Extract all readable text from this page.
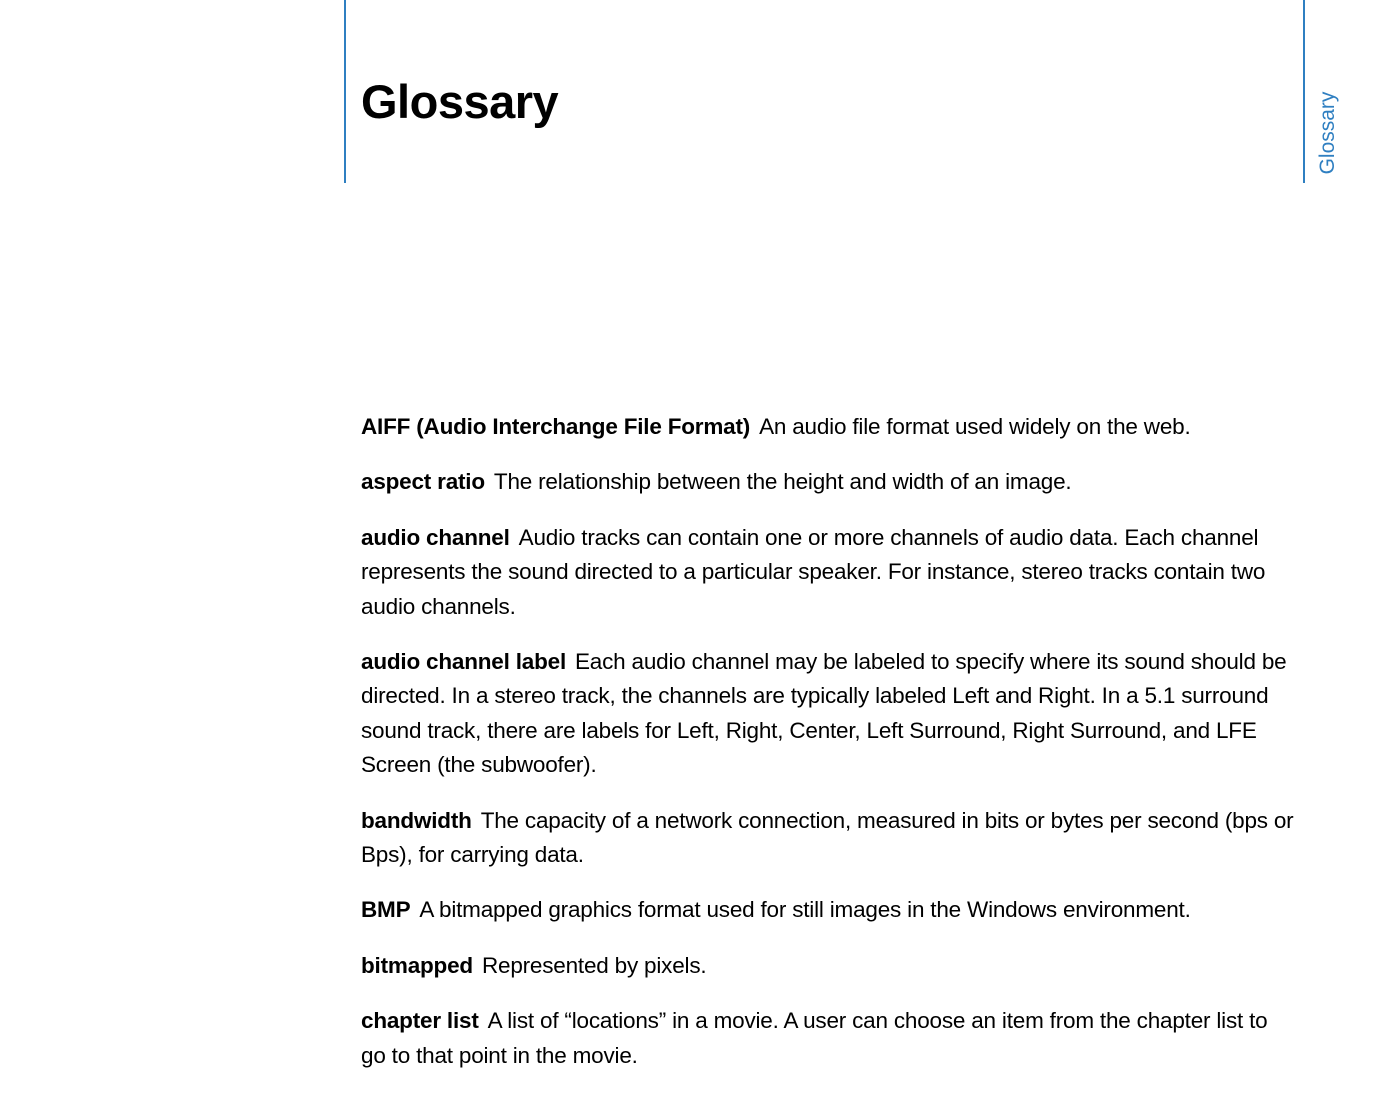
Glossary	Glossary

AIFF (Audio Interchange File Format) An audio file format used widely on the web.

aspect ratio The relationship between the height and width of an image.

audio channel Audio tracks can contain one or more channels of audio data. Each channel represents the sound directed to a particular speaker. For instance, stereo tracks contain two audio channels.

audio channel label Each audio channel may be labeled to specify where its sound should be directed. In a stereo track, the channels are typically labeled Left and Right. In a 5.1 surround sound track, there are labels for Left, Right, Center, Left Surround, Right Surround, and LFE Screen (the subwoofer).

bandwidth The capacity of a network connection, measured in bits or bytes per second (bps or Bps), for carrying data.

BMP A bitmapped graphics format used for still images in the Windows environment.

bitmapped Represented by pixels.

chapter list A list of “locations” in a movie. A user can choose an item from the chapter list to go to that point in the movie.
